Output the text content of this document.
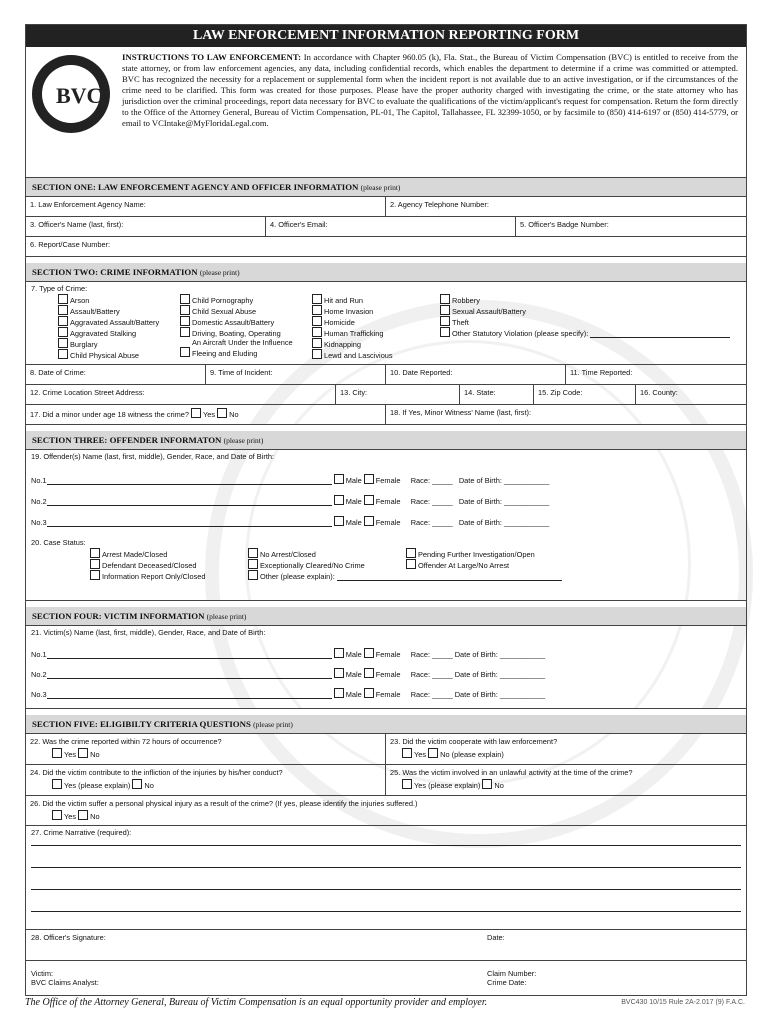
LAW ENFORCEMENT INFORMATION REPORTING FORM
BVC
INSTRUCTIONS TO LAW ENFORCEMENT: In accordance with Chapter 960.05 (k), Fla. Stat., the Bureau of Victim Compensation (BVC) is entitled to receive from the state attorney, or from law enforcement agencies, any data, including confidential records, which enables the department to determine if a crime was committed or attempted. BVC has recognized the necessity for a replacement or supplemental form when the incident report is not available due to an active investigation, or if the circumstances of the crime need to be clarified. This form was created for those purposes. Please have the proper authority charged with investigating the crime, or the state attorney who has jurisdiction over the criminal proceedings, report data necessary for BVC to evaluate the qualifications of the victim/applicant's request for compensation. Return the form directly to the Office of the Attorney General, Bureau of Victim Compensation, PL-01, The Capitol, Tallahassee, FL 32399-1050, or by facsimile to (850) 414-6197 or (850) 414-5779, or email to VCIntake@MyFloridaLegal.com.
SECTION ONE: LAW ENFORCEMENT AGENCY AND OFFICER INFORMATION (please print)
1. Law Enforcement Agency Name:	2. Agency Telephone Number:
3. Officer's Name (last, first):	4. Officer's Email:	5. Officer's Badge Number:
6. Report/Case Number:
SECTION TWO: CRIME INFORMATION (please print)
7. Type of Crime:
Arson
Assault/Battery
Aggravated Assault/Battery
Aggravated Stalking
Burglary
Child Physical Abuse
Child Pornography
Child Sexual Abuse
Domestic Assault/Battery
Driving, Boating, Operating
An Aircraft Under the Influence
Fleeing and Eluding
Hit and Run
Home Invasion
Homicide
Human Trafficking
Kidnapping
Lewd and Lascivious
Robbery
Sexual Assault/Battery
Theft
Other Statutory Violation (please specify):
8. Date of Crime:	9. Time of Incident:	10. Date Reported:	11. Time Reported:
12. Crime Location Street Address:	13. City:	14. State:	15. Zip Code:	16. County:
17. Did a minor under age 18 witness the crime? Yes No	18. If Yes, Minor Witness' Name (last, first):
SECTION THREE: OFFENDER INFORMATON (please print)
19. Offender(s) Name (last, first, middle), Gender, Race, and Date of Birth:
No.1	Male Female Race: _____ Date of Birth: ___________
No.2	Male Female Race: _____ Date of Birth: ___________
No.3	Male Female Race: _____ Date of Birth: ___________
20. Case Status:
Arrest Made/Closed
Defendant Deceased/Closed
Information Report Only/Closed
No Arrest/Closed
Exceptionally Cleared/No Crime
Other (please explain):
Pending Further Investigation/Open
Offender At Large/No Arrest
SECTION FOUR: VICTIM INFORMATION (please print)
21. Victim(s) Name (last, first, middle), Gender, Race, and Date of Birth:
No.1	Male Female Race: _____ Date of Birth: ___________
No.2	Male Female Race: _____ Date of Birth: ___________
No.3	Male Female Race: _____ Date of Birth: ___________
SECTION FIVE: ELIGIBILTY CRITERIA QUESTIONS (please print)
22. Was the crime reported within 72 hours of occurrence?
Yes No
23. Did the victim cooperate with law enforcement?
Yes No (please explain)
24. Did the victim contribute to the infliction of the injuries by his/her conduct?
Yes (please explain) No
25. Was the victim involved in an unlawful activity at the time of the crime?
Yes (please explain) No
26. Did the victim suffer a personal physical injury as a result of the crime? (If yes, please identify the injuries suffered.)
Yes No
27. Crime Narrative (required):
28. Officer's Signature:	Date:
Victim:
BVC Claims Analyst:
Claim Number:
Crime Date:
The Office of the Attorney General, Bureau of Victim Compensation is an equal opportunity provider and employer.	BVC430 10/15 Rule 2A-2.017 (9) F.A.C.
